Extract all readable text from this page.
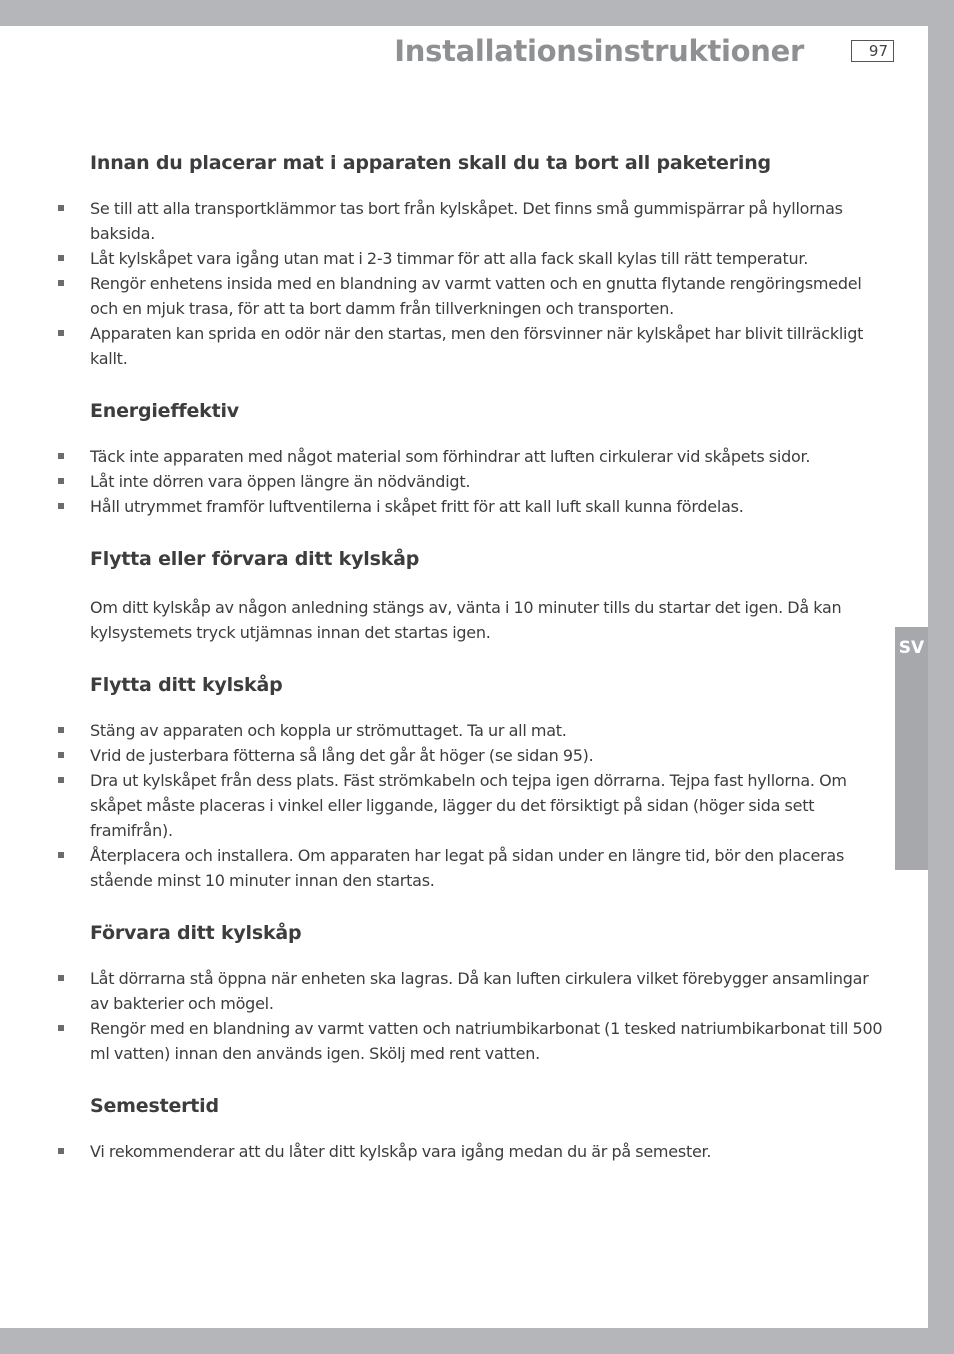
Installationsinstruktioner	97
Innan du placerar mat i apparaten skall du ta bort all paketering
Se till att alla transportklämmor tas bort från kylskåpet. Det finns små gummispärrar på hyllornas baksida.
Låt kylskåpet vara igång utan mat i 2-3 timmar för att alla fack skall kylas till rätt temperatur.
Rengör enhetens insida med en blandning av varmt vatten och en gnutta flytande rengöringsmedel och en mjuk trasa, för att ta bort damm från tillverkningen och transporten.
Apparaten kan sprida en odör när den startas, men den försvinner när kylskåpet har blivit tillräckligt kallt.
Energieffektiv
Täck inte apparaten med något material som förhindrar att luften cirkulerar vid skåpets sidor.
Låt inte dörren vara öppen längre än nödvändigt.
Håll utrymmet framför luftventilerna i skåpet fritt för att kall luft skall kunna fördelas.
Flytta eller förvara ditt kylskåp

Om ditt kylskåp av någon anledning stängs av, vänta i 10 minuter tills du startar det igen. Då kan kylsystemets tryck utjämnas innan det startas igen.

Flytta ditt kylskåp
Stäng av apparaten och koppla ur strömuttaget. Ta ur all mat.
Vrid de justerbara fötterna så lång det går åt höger (se sidan 95).
Dra ut kylskåpet från dess plats. Fäst strömkabeln och tejpa igen dörrarna. Tejpa fast hyllorna. Om skåpet måste placeras i vinkel eller liggande, lägger du det försiktigt på sidan (höger sida sett framifrån).
Återplacera och installera. Om apparaten har legat på sidan under en längre tid, bör den placeras stående minst 10 minuter innan den startas.
Förvara ditt kylskåp
Låt dörrarna stå öppna när enheten ska lagras. Då kan luften cirkulera vilket förebygger ansamlingar av bakterier och mögel.
Rengör med en blandning av varmt vatten och natriumbikarbonat (1 tesked natriumbikarbonat till 500 ml vatten) innan den används igen. Skölj med rent vatten.
Semestertid
Vi rekommenderar att du låter ditt kylskåp vara igång medan du är på semester.
SV
